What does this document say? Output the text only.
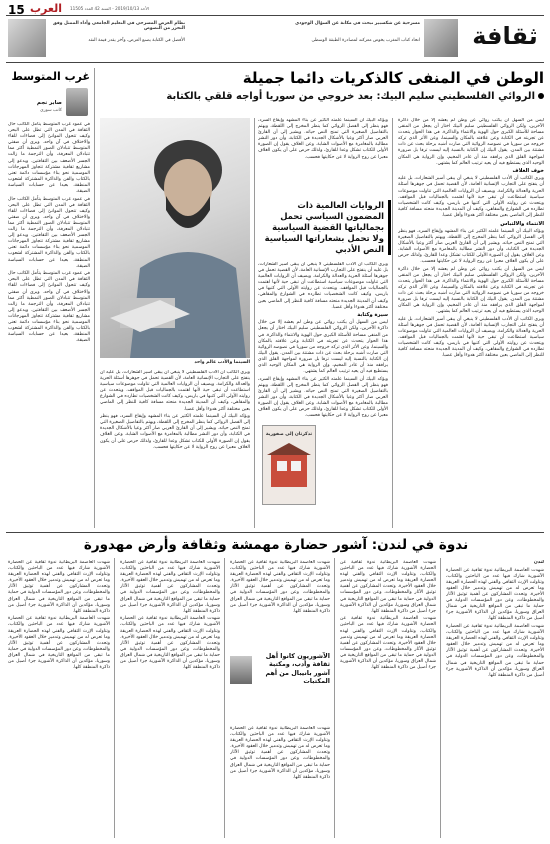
15 العرب الأحد 2019/10/13 - السنة 42 العدد 11505
نظام العرض المسرحي في التعليم الجامعي وأداء الممثل وفق التحرر من النصوص
الأفضل في الكتابة يصنع العرض، وآخر يقدر قيمة النقد
مسرحية عن شكسبير تبحث في مكانة عن السؤال الوجودي
اتحاد كتاب المغرب يخوض معركته لمصادرة الطبقة الوسطى ثقافة
غرب المتوسط
صابر نجم
كاتب سوري
الوطن في المنفى كالذكريات دائما جميلة
الروائي الفلسطيني سليم البيك: بعد خروجي من سوريا أواجه قلقي بالكتابة
السينما والأدب عالم واحد
الروايات العالمية ذات المضمون السياسي تحمل بجمالياتها القضية السياسية ولا تحمل بشعاراتها السياسية النص الأدبي

ليس من السهل أن يكتب روائي عن وطن لم يعشه إلا من خلال ذاكرة الآخرين، ولكن الروائي الفلسطيني سليم البيك اختار أن يجعل من المنفى مساحة للأسئلة الكبرى حول الهوية والانتماء والذاكرة. في هذا الحوار يتحدث عن تجربته في الكتابة وعن علاقته بالمكان والسينما، وعن الأثر الذي تركه خروجه من سوريا في نصوصه الروائية التي صارت أشبه برحلة بحث عن ذات مشتتة بين المدن. يقول البيك إن الكتابة بالنسبة إليه ليست ترفا بل ضرورة لمواجهة القلق الذي يرافقه منذ أن غادر المخيم، وإن الرواية هي المكان الوحيد الذي يستطيع فيه أن يعيد ترتيب العالم كما يشتهي.

خوف الغلاف

ويرى الكاتب أن الأدب الفلسطيني لا ينبغي أن يبقى أسير الشعارات، بل عليه أن ينفتح على التجارب الإنسانية العامة، لأن القضية تحمل في جوهرها أسئلة الحرية والعدالة والكرامة. ويضيف أن الروايات العالمية التي تناولت موضوعات سياسية استطاعت أن تبقى حية لأنها اهتمت بالجماليات قبل المواقف. ويتحدث عن روايته الأولى التي كتبها في باريس، وكيف كانت الشخصيات تطارده في الشوارع والمقاهي، وكيف أن المدينة الجديدة منحته مسافة كافية للنظر إلى الماضي بعين مختلفة أكثر هدوءا وأقل غضبا.

الانتماء والالتباس

ويؤكد البيك أن السينما علمته الكثير عن بناء المشهد وإيقاع السرد، فهو ينظر إلى الفصل الروائي كما ينظر المخرج إلى اللقطة، ويهتم بالتفاصيل الصغيرة التي تمنح النص حياته. ويشير إلى أن القارئ العربي صار أكثر وعيا بالأشكال الجديدة في الكتابة، وأن دور النشر مطالبة بالمغامرة مع الأصوات الشابة. وعن الغلاف يقول إن الصورة الأولى للكتاب تشكل وعدا للقارئ، ولذلك حرص على أن يكون الغلاف معبرا عن روح الرواية لا عن حكايتها فحسب.

ليس من السهل أن يكتب روائي عن وطن لم يعشه إلا من خلال ذاكرة الآخرين، ولكن الروائي الفلسطيني سليم البيك اختار أن يجعل من المنفى مساحة للأسئلة الكبرى حول الهوية والانتماء والذاكرة. في هذا الحوار يتحدث عن تجربته في الكتابة وعن علاقته بالمكان والسينما، وعن الأثر الذي تركه خروجه من سوريا في نصوصه الروائية التي صارت أشبه برحلة بحث عن ذات مشتتة بين المدن. يقول البيك إن الكتابة بالنسبة إليه ليست ترفا بل ضرورة لمواجهة القلق الذي يرافقه منذ أن غادر المخيم، وإن الرواية هي المكان الوحيد الذي يستطيع فيه أن يعيد ترتيب العالم كما يشتهي.

ويرى الكاتب أن الأدب الفلسطيني لا ينبغي أن يبقى أسير الشعارات، بل عليه أن ينفتح على التجارب الإنسانية العامة، لأن القضية تحمل في جوهرها أسئلة الحرية والعدالة والكرامة. ويضيف أن الروايات العالمية التي تناولت موضوعات سياسية استطاعت أن تبقى حية لأنها اهتمت بالجماليات قبل المواقف. ويتحدث عن روايته الأولى التي كتبها في باريس، وكيف كانت الشخصيات تطارده في الشوارع والمقاهي، وكيف أن المدينة الجديدة منحته مسافة كافية للنظر إلى الماضي بعين مختلفة أكثر هدوءا وأقل غضبا.

ويؤكد البيك أن السينما علمته الكثير عن بناء المشهد وإيقاع السرد، فهو ينظر إلى الفصل الروائي كما ينظر المخرج إلى اللقطة، ويهتم بالتفاصيل الصغيرة التي تمنح النص حياته. ويشير إلى أن القارئ العربي صار أكثر وعيا بالأشكال الجديدة في الكتابة، وأن دور النشر مطالبة بالمغامرة مع الأصوات الشابة. وعن الغلاف يقول إن الصورة الأولى للكتاب تشكل وعدا للقارئ، ولذلك حرص على أن يكون الغلاف معبرا عن روح الرواية لا عن حكايتها فحسب.

ويرى الكاتب أن الأدب الفلسطيني لا ينبغي أن يبقى أسير الشعارات، بل عليه أن ينفتح على التجارب الإنسانية العامة، لأن القضية تحمل في جوهرها أسئلة الحرية والعدالة والكرامة. ويضيف أن الروايات العالمية التي تناولت موضوعات سياسية استطاعت أن تبقى حية لأنها اهتمت بالجماليات قبل المواقف. ويتحدث عن روايته الأولى التي كتبها في باريس، وكيف كانت الشخصيات تطارده في الشوارع والمقاهي، وكيف أن المدينة الجديدة منحته مسافة كافية للنظر إلى الماضي بعين مختلفة أكثر هدوءا وأقل غضبا.

سيرة وكتابة

ليس من السهل أن يكتب روائي عن وطن لم يعشه إلا من خلال ذاكرة الآخرين، ولكن الروائي الفلسطيني سليم البيك اختار أن يجعل من المنفى مساحة للأسئلة الكبرى حول الهوية والانتماء والذاكرة. في هذا الحوار يتحدث عن تجربته في الكتابة وعن علاقته بالمكان والسينما، وعن الأثر الذي تركه خروجه من سوريا في نصوصه الروائية التي صارت أشبه برحلة بحث عن ذات مشتتة بين المدن. يقول البيك إن الكتابة بالنسبة إليه ليست ترفا بل ضرورة لمواجهة القلق الذي يرافقه منذ أن غادر المخيم، وإن الرواية هي المكان الوحيد الذي يستطيع فيه أن يعيد ترتيب العالم كما يشتهي.

ويؤكد البيك أن السينما علمته الكثير عن بناء المشهد وإيقاع السرد، فهو ينظر إلى الفصل الروائي كما ينظر المخرج إلى اللقطة، ويهتم بالتفاصيل الصغيرة التي تمنح النص حياته. ويشير إلى أن القارئ العربي صار أكثر وعيا بالأشكال الجديدة في الكتابة، وأن دور النشر مطالبة بالمغامرة مع الأصوات الشابة. وعن الغلاف يقول إن الصورة الأولى للكتاب تشكل وعدا للقارئ، ولذلك حرص على أن يكون الغلاف معبرا عن روح الرواية لا عن حكايتها فحسب.

ويرى الكاتب أن الأدب الفلسطيني لا ينبغي أن يبقى أسير الشعارات، بل عليه أن ينفتح على التجارب الإنسانية العامة، لأن القضية تحمل في جوهرها أسئلة الحرية والعدالة والكرامة. ويضيف أن الروايات العالمية التي تناولت موضوعات سياسية استطاعت أن تبقى حية لأنها اهتمت بالجماليات قبل المواقف. ويتحدث عن روايته الأولى التي كتبها في باريس، وكيف كانت الشخصيات تطارده في الشوارع والمقاهي، وكيف أن المدينة الجديدة منحته مسافة كافية للنظر إلى الماضي بعين مختلفة أكثر هدوءا وأقل غضبا.

ويؤكد البيك أن السينما علمته الكثير عن بناء المشهد وإيقاع السرد، فهو ينظر إلى الفصل الروائي كما ينظر المخرج إلى اللقطة، ويهتم بالتفاصيل الصغيرة التي تمنح النص حياته. ويشير إلى أن القارئ العربي صار أكثر وعيا بالأشكال الجديدة في الكتابة، وأن دور النشر مطالبة بالمغامرة مع الأصوات الشابة. وعن الغلاف يقول إن الصورة الأولى للكتاب تشكل وعدا للقارئ، ولذلك حرص على أن يكون الغلاف معبرا عن روح الرواية لا عن حكايتها فحسب.

تذكرتان إلى صفورية

في عمود غرب المتوسط يتأمل الكاتب حال الثقافة في المدن التي تطل على البحر، وكيف تتحول الموانئ إلى فضاءات للقاء والاختلاف في آن واحد. ويرى أن ضفتي المتوسط تتبادلان الصور النمطية أكثر مما تتبادلان المعرفة، وأن الترجمة ما زالت الجسر الأضعف بين الثقافتين. ويدعو إلى مشاريع ثقافية مشتركة تتجاوز المهرجانات الموسمية نحو بناء مؤسسات دائمة تعنى بالكتاب والفن والذاكرة المشتركة لشعوب المنطقة، بعيدا عن حسابات السياسة الضيقة.

في عمود غرب المتوسط يتأمل الكاتب حال الثقافة في المدن التي تطل على البحر، وكيف تتحول الموانئ إلى فضاءات للقاء والاختلاف في آن واحد. ويرى أن ضفتي المتوسط تتبادلان الصور النمطية أكثر مما تتبادلان المعرفة، وأن الترجمة ما زالت الجسر الأضعف بين الثقافتين. ويدعو إلى مشاريع ثقافية مشتركة تتجاوز المهرجانات الموسمية نحو بناء مؤسسات دائمة تعنى بالكتاب والفن والذاكرة المشتركة لشعوب المنطقة، بعيدا عن حسابات السياسة الضيقة.

في عمود غرب المتوسط يتأمل الكاتب حال الثقافة في المدن التي تطل على البحر، وكيف تتحول الموانئ إلى فضاءات للقاء والاختلاف في آن واحد. ويرى أن ضفتي المتوسط تتبادلان الصور النمطية أكثر مما تتبادلان المعرفة، وأن الترجمة ما زالت الجسر الأضعف بين الثقافتين. ويدعو إلى مشاريع ثقافية مشتركة تتجاوز المهرجانات الموسمية نحو بناء مؤسسات دائمة تعنى بالكتاب والفن والذاكرة المشتركة لشعوب المنطقة، بعيدا عن حسابات السياسة الضيقة.

ندوة في لندن: آشور حضارة مهمشة وثقافة وأرض مهدورة

لندن

شهدت العاصمة البريطانية ندوة ثقافية عن الحضارة الآشورية شارك فيها عدد من الباحثين والكتاب، وتناولت الإرث الثقافي والفني لهذه الحضارة العريقة وما تعرض له من تهميش وتدمير خلال العقود الأخيرة. وتحدث المشاركون عن أهمية توثيق الآثار والمخطوطات، وعن دور المؤسسات الدولية في حماية ما تبقى من المواقع التاريخية في شمال العراق وسوريا، مؤكدين أن الذاكرة الآشورية جزء أصيل من ذاكرة المنطقة كلها.

شهدت العاصمة البريطانية ندوة ثقافية عن الحضارة الآشورية شارك فيها عدد من الباحثين والكتاب، وتناولت الإرث الثقافي والفني لهذه الحضارة العريقة وما تعرض له من تهميش وتدمير خلال العقود الأخيرة. وتحدث المشاركون عن أهمية توثيق الآثار والمخطوطات، وعن دور المؤسسات الدولية في حماية ما تبقى من المواقع التاريخية في شمال العراق وسوريا، مؤكدين أن الذاكرة الآشورية جزء أصيل من ذاكرة المنطقة كلها.

شهدت العاصمة البريطانية ندوة ثقافية عن الحضارة الآشورية شارك فيها عدد من الباحثين والكتاب، وتناولت الإرث الثقافي والفني لهذه الحضارة العريقة وما تعرض له من تهميش وتدمير خلال العقود الأخيرة. وتحدث المشاركون عن أهمية توثيق الآثار والمخطوطات، وعن دور المؤسسات الدولية في حماية ما تبقى من المواقع التاريخية في شمال العراق وسوريا، مؤكدين أن الذاكرة الآشورية جزء أصيل من ذاكرة المنطقة كلها.

شهدت العاصمة البريطانية ندوة ثقافية عن الحضارة الآشورية شارك فيها عدد من الباحثين والكتاب، وتناولت الإرث الثقافي والفني لهذه الحضارة العريقة وما تعرض له من تهميش وتدمير خلال العقود الأخيرة. وتحدث المشاركون عن أهمية توثيق الآثار والمخطوطات، وعن دور المؤسسات الدولية في حماية ما تبقى من المواقع التاريخية في شمال العراق وسوريا، مؤكدين أن الذاكرة الآشورية جزء أصيل من ذاكرة المنطقة كلها.

شهدت العاصمة البريطانية ندوة ثقافية عن الحضارة الآشورية شارك فيها عدد من الباحثين والكتاب، وتناولت الإرث الثقافي والفني لهذه الحضارة العريقة وما تعرض له من تهميش وتدمير خلال العقود الأخيرة. وتحدث المشاركون عن أهمية توثيق الآثار والمخطوطات، وعن دور المؤسسات الدولية في حماية ما تبقى من المواقع التاريخية في شمال العراق وسوريا، مؤكدين أن الذاكرة الآشورية جزء أصيل من ذاكرة المنطقة كلها.

الآشوريون كانوا أهل ثقافة وأدب، ومكتبة آشور بانيبال من أهم المكتبات

شهدت العاصمة البريطانية ندوة ثقافية عن الحضارة الآشورية شارك فيها عدد من الباحثين والكتاب، وتناولت الإرث الثقافي والفني لهذه الحضارة العريقة وما تعرض له من تهميش وتدمير خلال العقود الأخيرة. وتحدث المشاركون عن أهمية توثيق الآثار والمخطوطات، وعن دور المؤسسات الدولية في حماية ما تبقى من المواقع التاريخية في شمال العراق وسوريا، مؤكدين أن الذاكرة الآشورية جزء أصيل من ذاكرة المنطقة كلها.

شهدت العاصمة البريطانية ندوة ثقافية عن الحضارة الآشورية شارك فيها عدد من الباحثين والكتاب، وتناولت الإرث الثقافي والفني لهذه الحضارة العريقة وما تعرض له من تهميش وتدمير خلال العقود الأخيرة. وتحدث المشاركون عن أهمية توثيق الآثار والمخطوطات، وعن دور المؤسسات الدولية في حماية ما تبقى من المواقع التاريخية في شمال العراق وسوريا، مؤكدين أن الذاكرة الآشورية جزء أصيل من ذاكرة المنطقة كلها.

شهدت العاصمة البريطانية ندوة ثقافية عن الحضارة الآشورية شارك فيها عدد من الباحثين والكتاب، وتناولت الإرث الثقافي والفني لهذه الحضارة العريقة وما تعرض له من تهميش وتدمير خلال العقود الأخيرة. وتحدث المشاركون عن أهمية توثيق الآثار والمخطوطات، وعن دور المؤسسات الدولية في حماية ما تبقى من المواقع التاريخية في شمال العراق وسوريا، مؤكدين أن الذاكرة الآشورية جزء أصيل من ذاكرة المنطقة كلها.

شهدت العاصمة البريطانية ندوة ثقافية عن الحضارة الآشورية شارك فيها عدد من الباحثين والكتاب، وتناولت الإرث الثقافي والفني لهذه الحضارة العريقة وما تعرض له من تهميش وتدمير خلال العقود الأخيرة. وتحدث المشاركون عن أهمية توثيق الآثار والمخطوطات، وعن دور المؤسسات الدولية في حماية ما تبقى من المواقع التاريخية في شمال العراق وسوريا، مؤكدين أن الذاكرة الآشورية جزء أصيل من ذاكرة المنطقة كلها.

شهدت العاصمة البريطانية ندوة ثقافية عن الحضارة الآشورية شارك فيها عدد من الباحثين والكتاب، وتناولت الإرث الثقافي والفني لهذه الحضارة العريقة وما تعرض له من تهميش وتدمير خلال العقود الأخيرة. وتحدث المشاركون عن أهمية توثيق الآثار والمخطوطات، وعن دور المؤسسات الدولية في حماية ما تبقى من المواقع التاريخية في شمال العراق وسوريا، مؤكدين أن الذاكرة الآشورية جزء أصيل من ذاكرة المنطقة كلها.
